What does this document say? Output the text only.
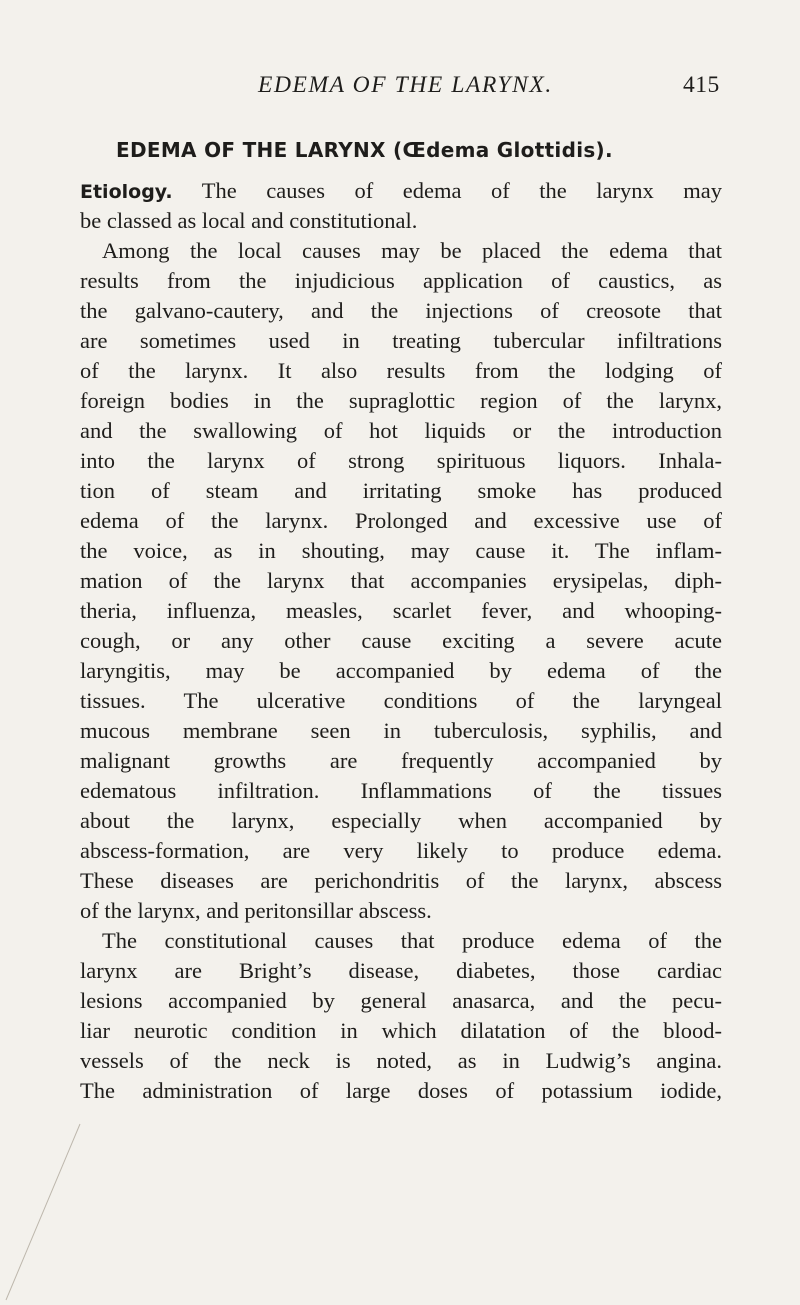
EDEMA OF THE LARYNX.	415
EDEMA OF THE LARYNX (Œdema Glottidis).
Etiology. The causes of edema of the larynx may
be classed as local and constitutional.
Among the local causes may be placed the edema that
results from the injudicious application of caustics, as
the galvano-cautery, and the injections of creosote that
are sometimes used in treating tubercular infiltrations
of the larynx. It also results from the lodging of
foreign bodies in the supraglottic region of the larynx,
and the swallowing of hot liquids or the introduction
into the larynx of strong spirituous liquors. Inhala-
tion of steam and irritating smoke has produced
edema of the larynx. Prolonged and excessive use of
the voice, as in shouting, may cause it. The inflam-
mation of the larynx that accompanies erysipelas, diph-
theria, influenza, measles, scarlet fever, and whooping-
cough, or any other cause exciting a severe acute
laryngitis, may be accompanied by edema of the
tissues. The ulcerative conditions of the laryngeal
mucous membrane seen in tuberculosis, syphilis, and
malignant growths are frequently accompanied by
edematous infiltration. Inflammations of the tissues
about the larynx, especially when accompanied by
abscess-formation, are very likely to produce edema.
These diseases are perichondritis of the larynx, abscess
of the larynx, and peritonsillar abscess.
The constitutional causes that produce edema of the
larynx are Bright’s disease, diabetes, those cardiac
lesions accompanied by general anasarca, and the pecu-
liar neurotic condition in which dilatation of the blood-
vessels of the neck is noted, as in Ludwig’s angina.
The administration of large doses of potassium iodide,
